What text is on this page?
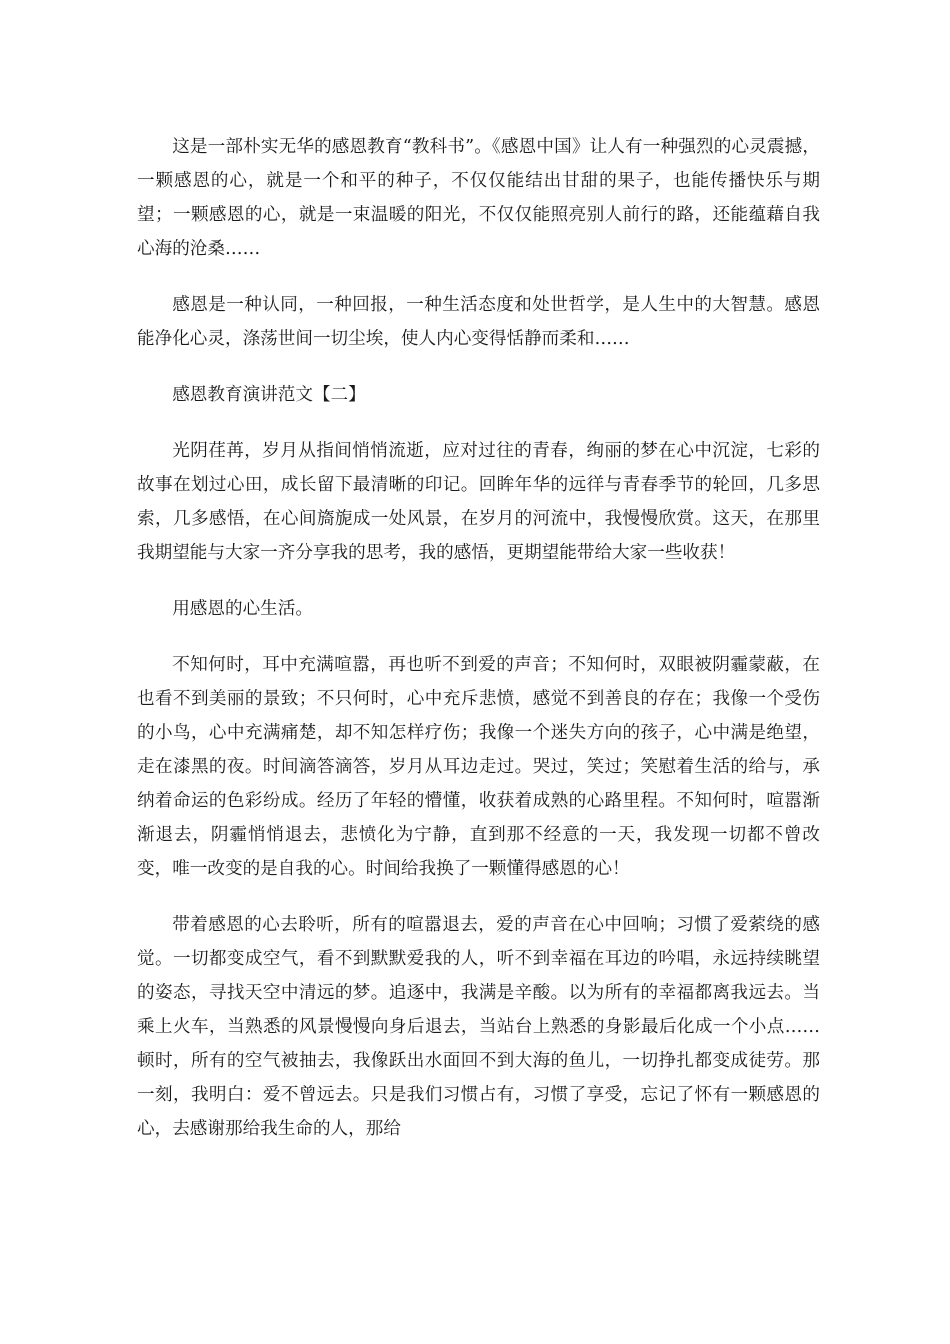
这是一部朴实无华的感恩教育“教科书”。《感恩中国》让人有一种强烈的心灵震撼，一颗感恩的心，就是一个和平的种子，不仅仅能结出甘甜的果子，也能传播快乐与期望；一颗感恩的心，就是一束温暖的阳光，不仅仅能照亮别人前行的路，还能蕴藉自我心海的沧桑……

感恩是一种认同，一种回报，一种生活态度和处世哲学，是人生中的大智慧。感恩能净化心灵，涤荡世间一切尘埃，使人内心变得恬静而柔和……

感恩教育演讲范文【二】

光阴荏苒，岁月从指间悄悄流逝，应对过往的青春，绚丽的梦在心中沉淀，七彩的故事在划过心田，成长留下最清晰的印记。回眸年华的远徉与青春季节的轮回，几多思索，几多感悟，在心间旖旎成一处风景，在岁月的河流中，我慢慢欣赏。这天，在那里我期望能与大家一齐分享我的思考，我的感悟，更期望能带给大家一些收获！

用感恩的心生活。

不知何时，耳中充满喧嚣，再也听不到爱的声音；不知何时，双眼被阴霾蒙蔽，在也看不到美丽的景致；不只何时，心中充斥悲愤，感觉不到善良的存在；我像一个受伤的小鸟，心中充满痛楚，却不知怎样疗伤；我像一个迷失方向的孩子，心中满是绝望，走在漆黑的夜。时间滴答滴答，岁月从耳边走过。哭过，笑过；笑慰着生活的给与，承纳着命运的色彩纷成。经历了年轻的懵懂，收获着成熟的心路里程。不知何时，喧嚣渐渐退去，阴霾悄悄退去，悲愤化为宁静，直到那不经意的一天，我发现一切都不曾改变，唯一改变的是自我的心。时间给我换了一颗懂得感恩的心！

带着感恩的心去聆听，所有的喧嚣退去，爱的声音在心中回响；习惯了爱萦绕的感觉。一切都变成空气，看不到默默爱我的人，听不到幸福在耳边的吟唱，永远持续眺望的姿态，寻找天空中清远的梦。追逐中，我满是辛酸。以为所有的幸福都离我远去。当乘上火车，当熟悉的风景慢慢向身后退去，当站台上熟悉的身影最后化成一个小点……顿时，所有的空气被抽去，我像跃出水面回不到大海的鱼儿，一切挣扎都变成徒劳。那一刻，我明白：爱不曾远去。只是我们习惯占有，习惯了享受，忘记了怀有一颗感恩的心，去感谢那给我生命的人，那给
